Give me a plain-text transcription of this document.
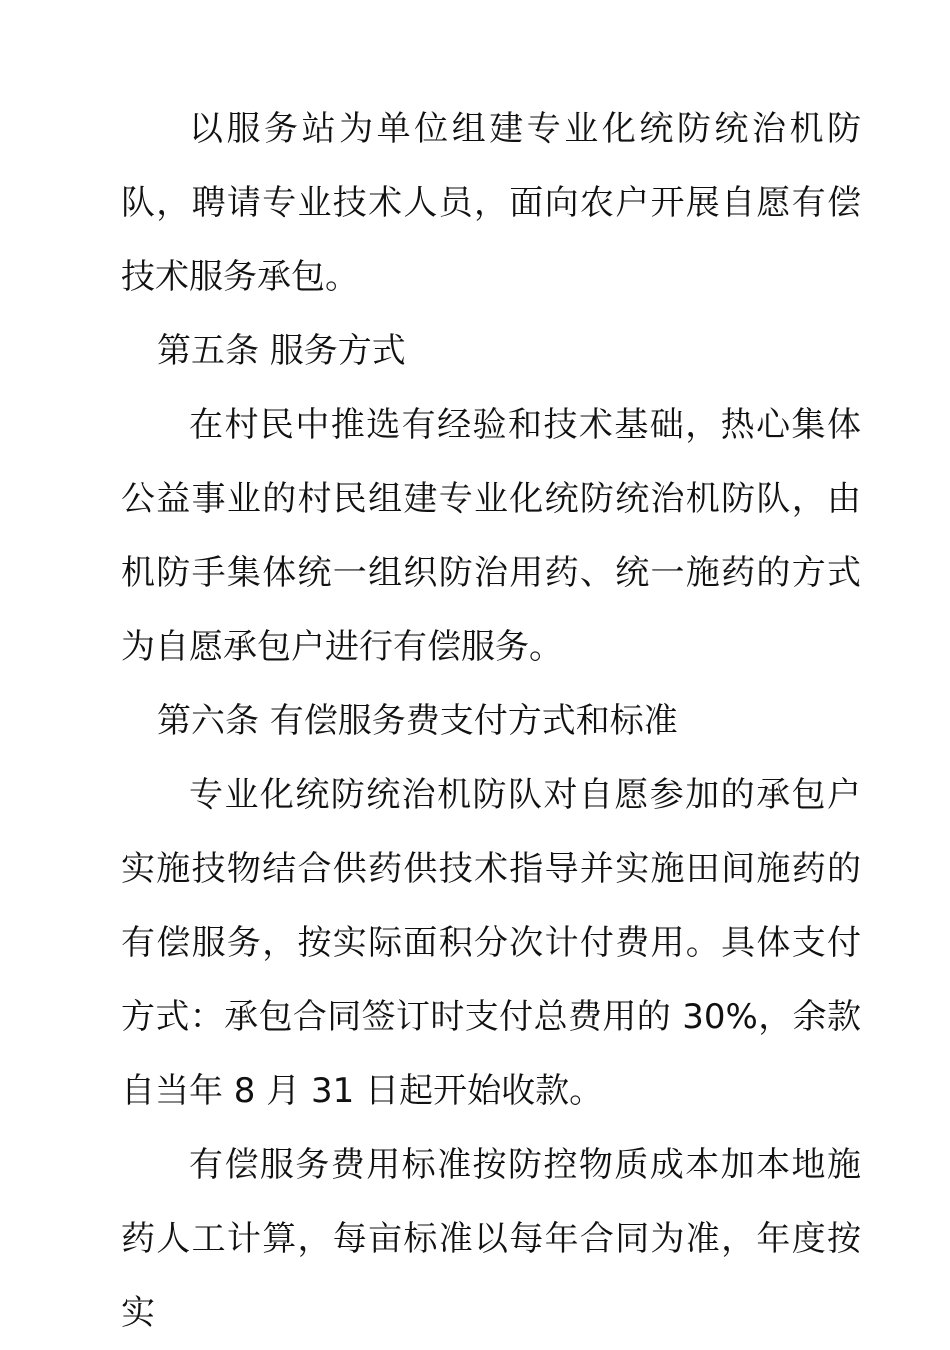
以服务站为单位组建专业化统防统治机防队，聘请专业技术人员，面向农户开展自愿有偿技术服务承包。

第五条 服务方式

在村民中推选有经验和技术基础，热心集体公益事业的村民组建专业化统防统治机防队，由机防手集体统一组织防治用药、统一施药的方式为自愿承包户进行有偿服务。

第六条 有偿服务费支付方式和标准

专业化统防统治机防队对自愿参加的承包户实施技物结合供药供技术指导并实施田间施药的有偿服务，按实际面积分次计付费用。具体支付方式：承包合同签订时支付总费用的 30%，余款自当年 8 月 31 日起开始收款。

有偿服务费用标准按防控物质成本加本地施药人工计算，每亩标准以每年合同为准，年度按实
